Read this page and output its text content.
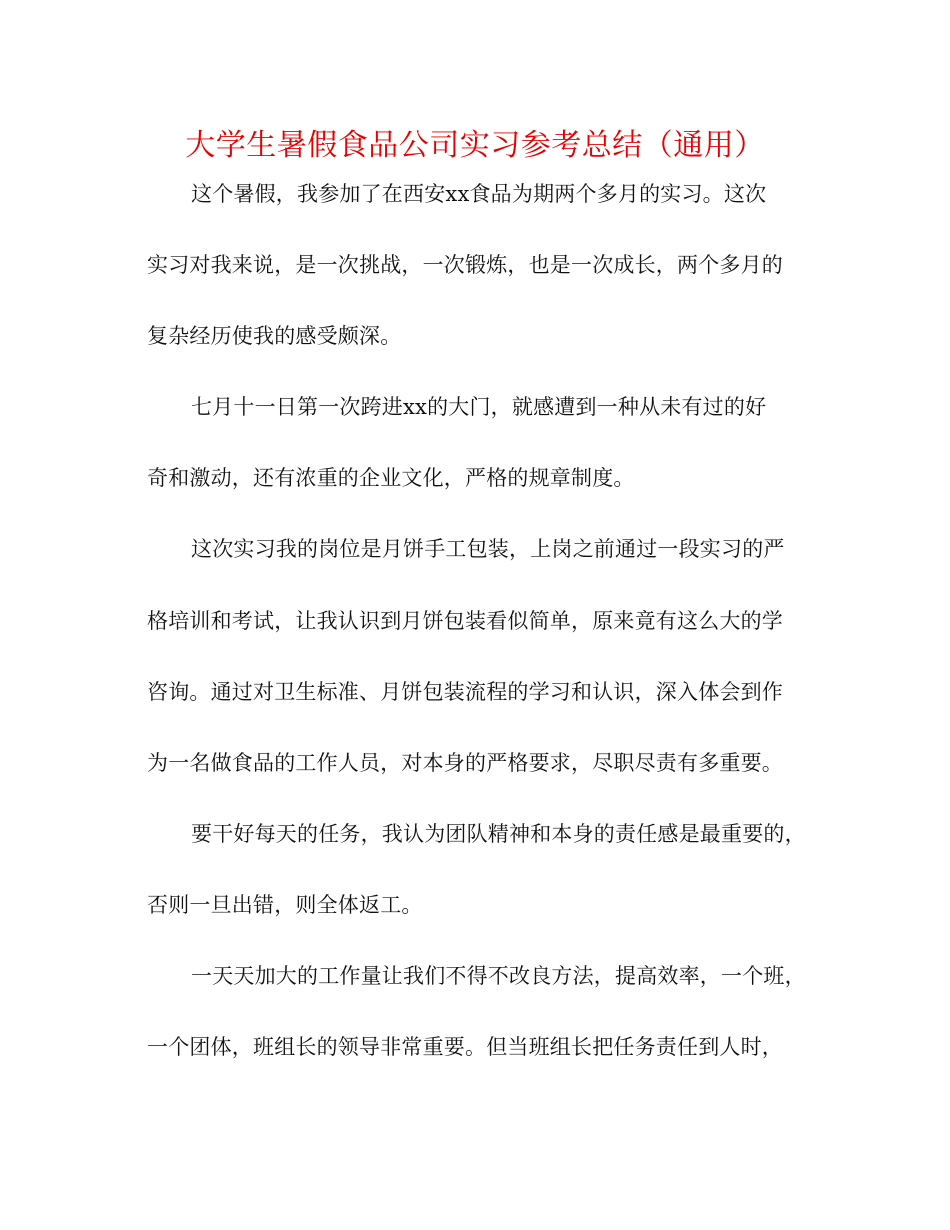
大学生暑假食品公司实习参考总结（通用）
这个暑假，我参加了在西安xx食品为期两个多月的实习。这次
实习对我来说，是一次挑战，一次锻炼，也是一次成长，两个多月的
复杂经历使我的感受颇深。
七月十一日第一次跨进xx的大门，就感遭到一种从未有过的好
奇和激动，还有浓重的企业文化，严格的规章制度。
这次实习我的岗位是月饼手工包装，上岗之前通过一段实习的严
格培训和考试，让我认识到月饼包装看似简单，原来竟有这么大的学
咨询。通过对卫生标准、月饼包装流程的学习和认识，深入体会到作
为一名做食品的工作人员，对本身的严格要求，尽职尽责有多重要。
要干好每天的任务，我认为团队精神和本身的责任感是最重要的，
否则一旦出错，则全体返工。
一天天加大的工作量让我们不得不改良方法，提高效率，一个班，
一个团体，班组长的领导非常重要。但当班组长把任务责任到人时，
